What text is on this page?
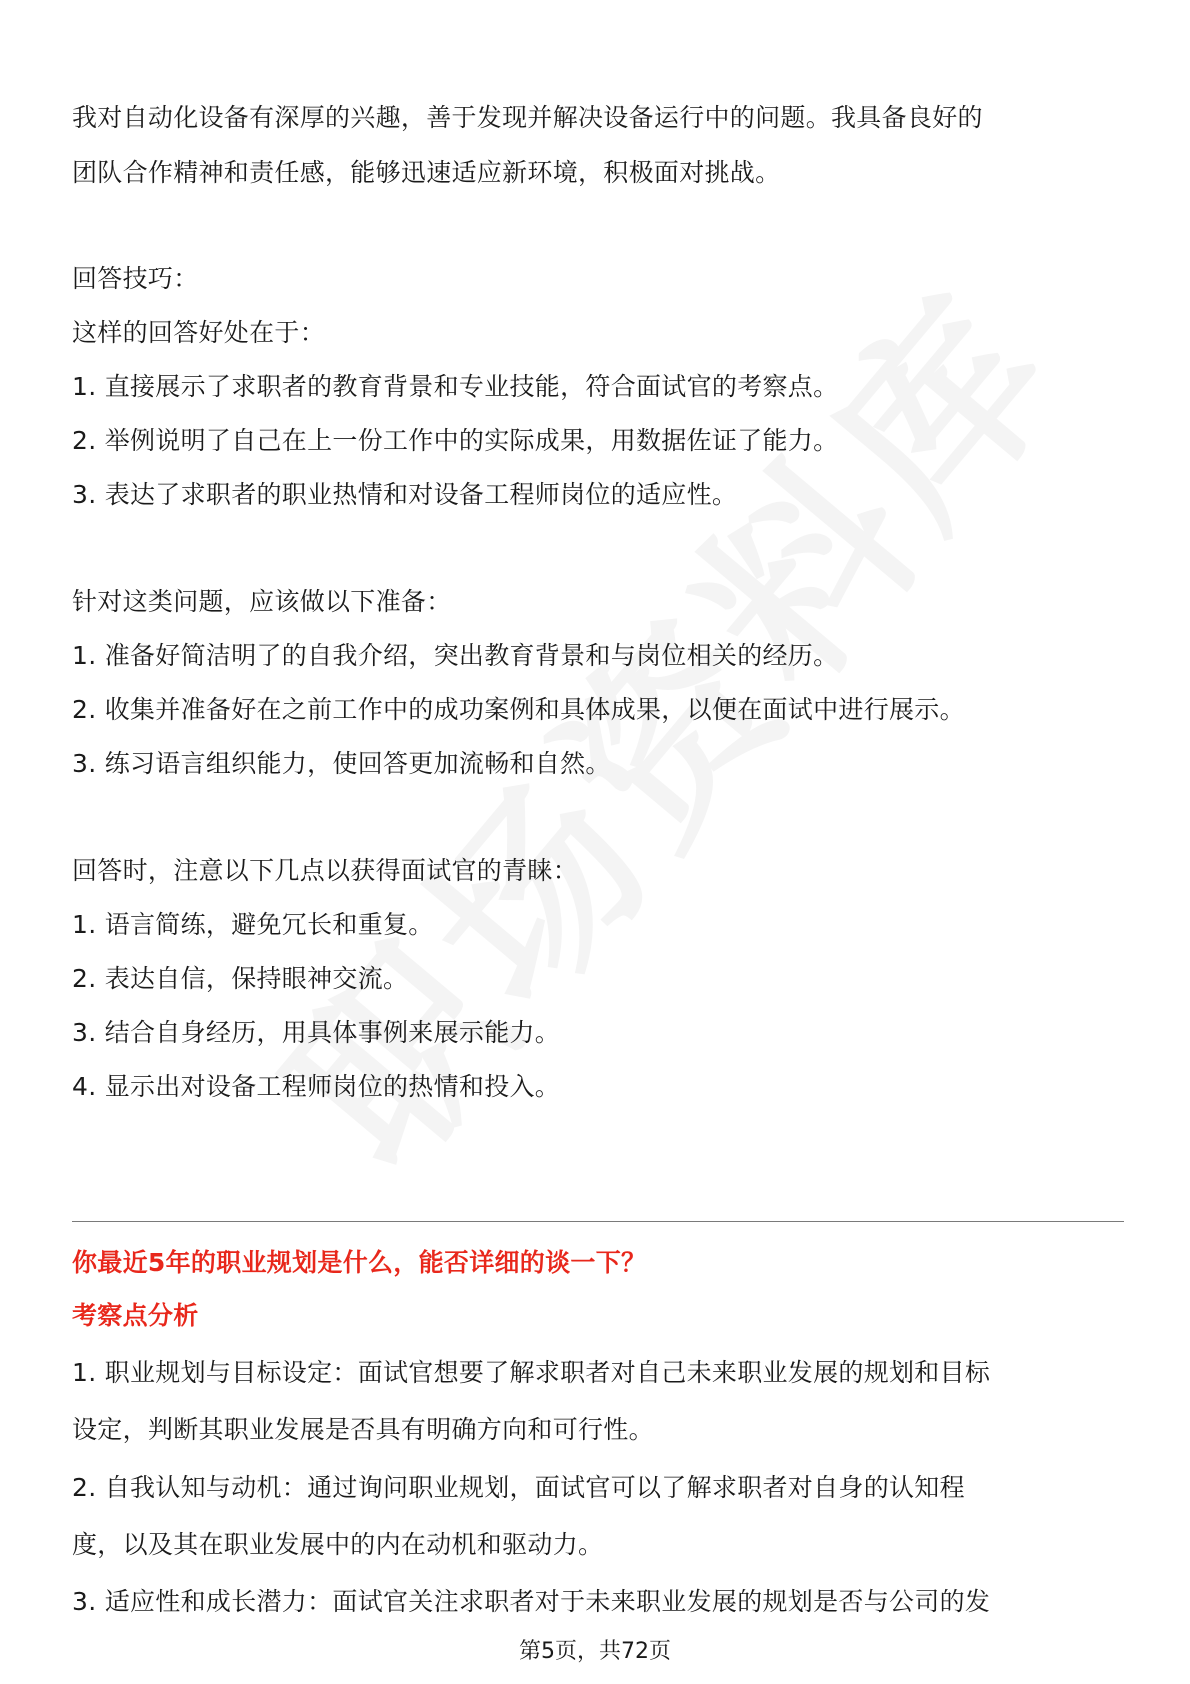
我对自动化设备有深厚的兴趣，善于发现并解决设备运行中的问题。我具备良好的
团队合作精神和责任感，能够迅速适应新环境，积极面对挑战。
回答技巧：
这样的回答好处在于：
1. 直接展示了求职者的教育背景和专业技能，符合面试官的考察点。
2. 举例说明了自己在上一份工作中的实际成果，用数据佐证了能力。
3. 表达了求职者的职业热情和对设备工程师岗位的适应性。
针对这类问题，应该做以下准备：
1. 准备好简洁明了的自我介绍，突出教育背景和与岗位相关的经历。
2. 收集并准备好在之前工作中的成功案例和具体成果，以便在面试中进行展示。
3. 练习语言组织能力，使回答更加流畅和自然。
回答时，注意以下几点以获得面试官的青睐：
1. 语言简练，避免冗长和重复。
2. 表达自信，保持眼神交流。
3. 结合自身经历，用具体事例来展示能力。
4. 显示出对设备工程师岗位的热情和投入。
你最近5年的职业规划是什么，能否详细的谈一下？
考察点分析
1. 职业规划与目标设定：面试官想要了解求职者对自己未来职业发展的规划和目标
设定，判断其职业发展是否具有明确方向和可行性。
2. 自我认知与动机：通过询问职业规划，面试官可以了解求职者对自身的认知程
度，以及其在职业发展中的内在动机和驱动力。
3. 适应性和成长潜力：面试官关注求职者对于未来职业发展的规划是否与公司的发
第5页，共72页
